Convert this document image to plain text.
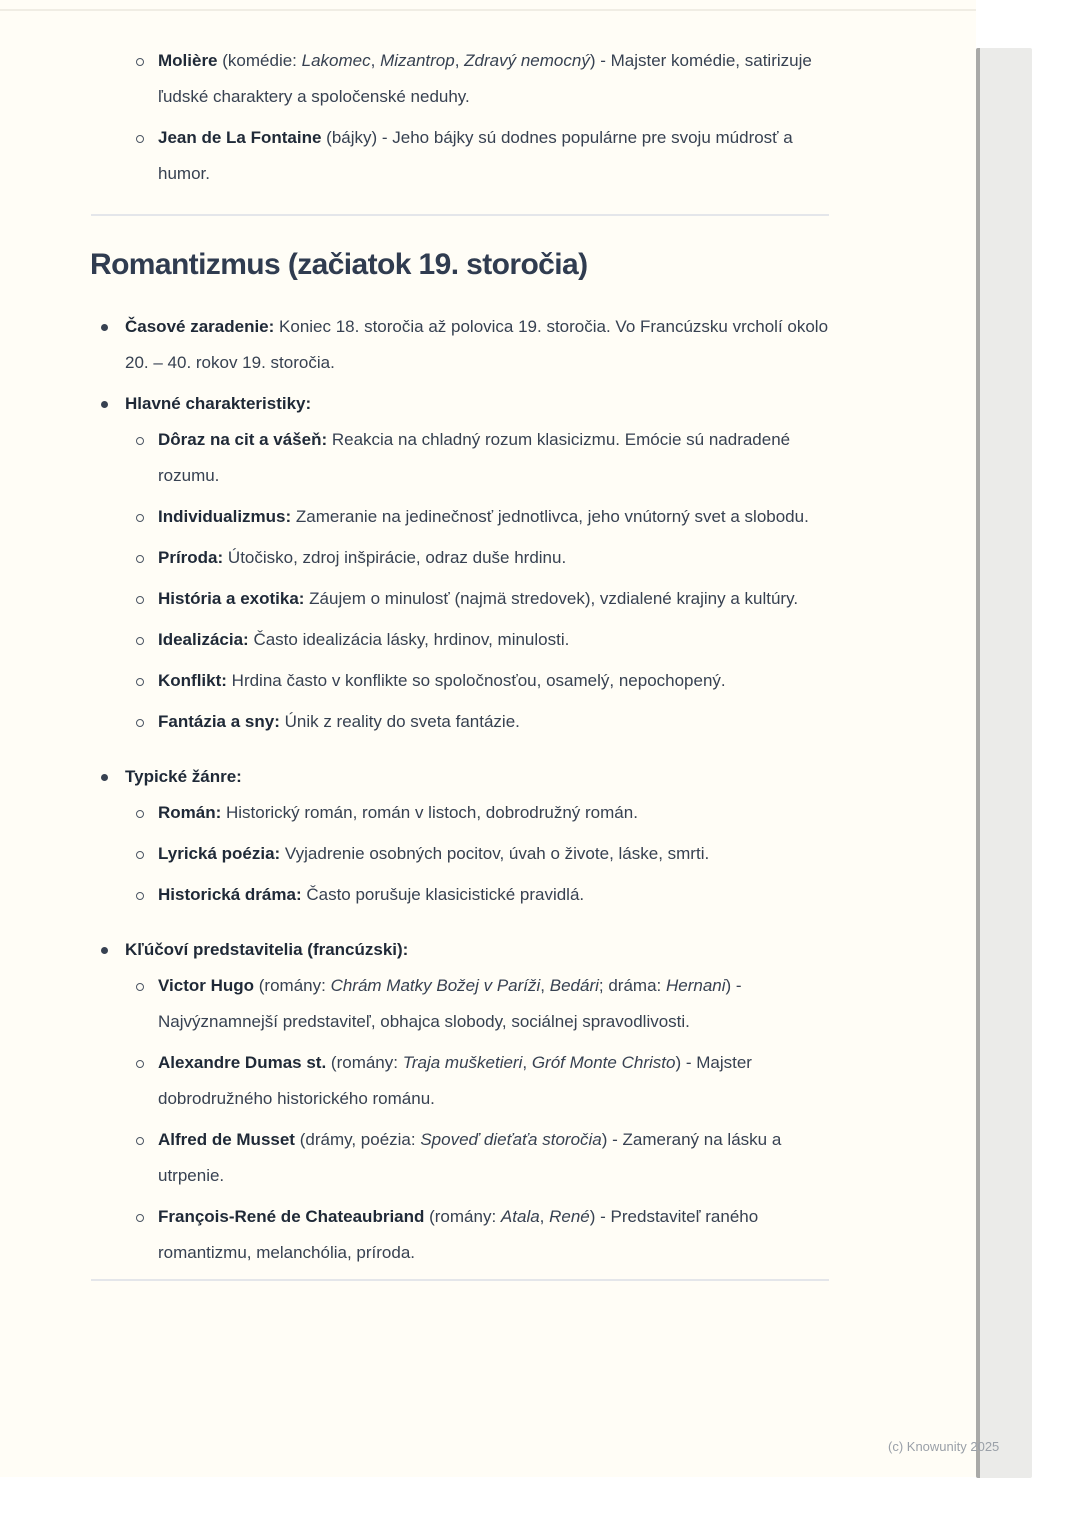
Molière (komédie: Lakomec, Mizantrop, Zdravý nemocný) - Majster komédie, satirizuje ľudské charaktery a spoločenské neduhy.
Jean de La Fontaine (bájky) - Jeho bájky sú dodnes populárne pre svoju múdrosť a humor.
Romantizmus (začiatok 19. storočia)
Časové zaradenie: Koniec 18. storočia až polovica 19. storočia. Vo Francúzsku vrcholí okolo 20. – 40. rokov 19. storočia.
Hlavné charakteristiky:
Dôraz na cit a vášeň: Reakcia na chladný rozum klasicizmu. Emócie sú nadradené rozumu.
Individualizmus: Zameranie na jedinečnosť jednotlivca, jeho vnútorný svet a slobodu.
Príroda: Útočisko, zdroj inšpirácie, odraz duše hrdinu.
História a exotika: Záujem o minulosť (najmä stredovek), vzdialené krajiny a kultúry.
Idealizácia: Často idealizácia lásky, hrdinov, minulosti.
Konflikt: Hrdina často v konflikte so spoločnosťou, osamelý, nepochopený.
Fantázia a sny: Únik z reality do sveta fantázie.
Typické žánre:
Román: Historický román, román v listoch, dobrodružný román.
Lyrická poézia: Vyjadrenie osobných pocitov, úvah o živote, láske, smrti.
Historická dráma: Často porušuje klasicistické pravidlá.
Kľúčoví predstavitelia (francúzski):
Victor Hugo (romány: Chrám Matky Božej v Paríži, Bedári; dráma: Hernani) - Najvýznamnejší predstaviteľ, obhajca slobody, sociálnej spravodlivosti.
Alexandre Dumas st. (romány: Traja mušketieri, Gróf Monte Christo) - Majster dobrodružného historického románu.
Alfred de Musset (drámy, poézia: Spoveď dieťaťa storočia) - Zameraný na lásku a utrpenie.
François-René de Chateaubriand (romány: Atala, René) - Predstaviteľ raného romantizmu, melanchólia, príroda.
(c) Knowunity 2025
